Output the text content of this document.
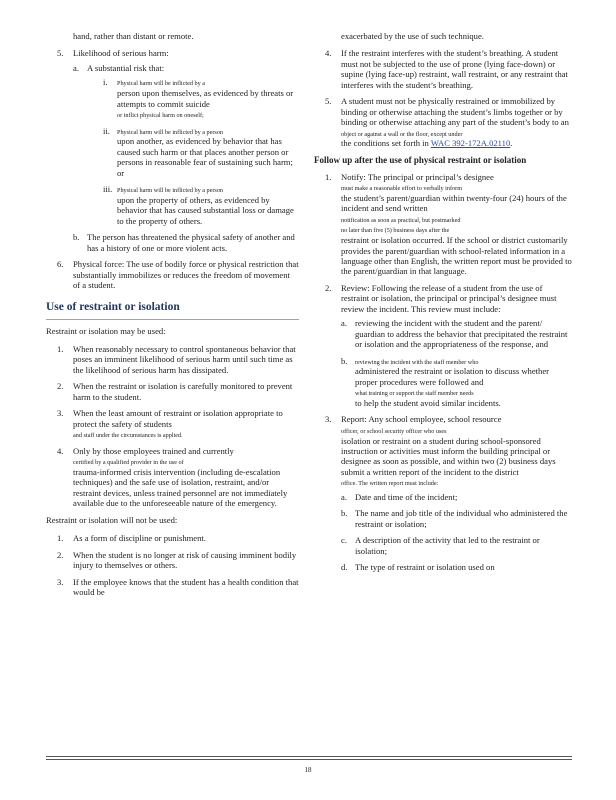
hand, rather than distant or remote.

5. Likelihood of serious harm:
a. A substantial risk that:
i. Physical harm will be inflicted by a
person upon themselves, as evidenced by threats or attempts to commit suicide
or inflict physical harm on oneself;
ii. Physical harm will be inflicted by a person
upon another, as evidenced by behavior that has caused such harm or that places another person or persons in reasonable fear of sustaining such harm; or
iii. Physical harm will be inflicted by a person
upon the property of others, as evidenced by behavior that has caused substantial loss or damage to the property of others.
b. The person has threatened the physical safety of another and has a history of one or more violent acts.
6. Physical force: The use of bodily force or physical restriction that substantially immobilizes or reduces the freedom of movement of a student.
Use of restraint or isolation

Restraint or isolation may be used:

1. When reasonably necessary to control spontaneous behavior that poses an imminent likelihood of serious harm until such time as the likelihood of serious harm has dissipated.
2. When the restraint or isolation is carefully monitored to prevent harm to the student.
3. When the least amount of restraint or isolation appropriate to protect the safety of students
and staff under the circumstances is applied.
4. Only by those employees trained and currently
certified by a qualified provider in the use of
trauma-informed crisis intervention (including de-escalation techniques) and the safe use of isolation, restraint, and/or restraint devices, unless trained personnel are not immediately available due to the unforeseeable nature of the emergency.

Restraint or isolation will not be used:

1. As a form of discipline or punishment.
2. When the student is no longer at risk of causing imminent bodily injury to themselves or others.
3. If the employee knows that the student has a health condition that would be

exacerbated by the use of such technique.

4. If the restraint interferes with the student’s breathing. A student must not be subjected to the use of prone (lying face-down) or supine (lying face-up) restraint, wall restraint, or any restraint that interferes with the student’s breathing.
5. A student must not be physically restrained or immobilized by binding or otherwise attaching the student’s limbs together or by binding or otherwise attaching any part of the student’s body to an
object or against a wall or the floor, except under
the conditions set forth in WAC 392-172A.02110.
Follow up after the use of physical restraint or isolation
1. Notify: The principal or principal’s designee
must make a reasonable effort to verbally inform
the student’s parent/guardian within twenty-four (24) hours of the incident and send written
notification as soon as practical, but postmarked
no later than five (5) business days after the
restraint or isolation occurred. If the school or district customarily provides the parent/guardian with school-related information in a language other than English, the written report must be provided to the parent/guardian in that language.
2. Review: Following the release of a student from the use of restraint or isolation, the principal or principal’s designee must review the incident. This review must include:
a. reviewing the incident with the student and the parent/ guardian to address the behavior that precipitated the restraint or isolation and the appropriateness of the response, and
b. reviewing the incident with the staff member who
administered the restraint or isolation to discuss whether proper procedures were followed and
what training or support the staff member needs
to help the student avoid similar incidents.
3. Report: Any school employee, school resource
officer, or school security officer who uses
isolation or restraint on a student during school-sponsored instruction or activities must inform the building principal or designee as soon as possible, and within two (2) business days submit a written report of the incident to the district
office. The written report must include:
a. Date and time of the incident;
b. The name and job title of the individual who administered the restraint or isolation;
c. A description of the activity that led to the restraint or isolation;
d. The type of restraint or isolation used on
18
